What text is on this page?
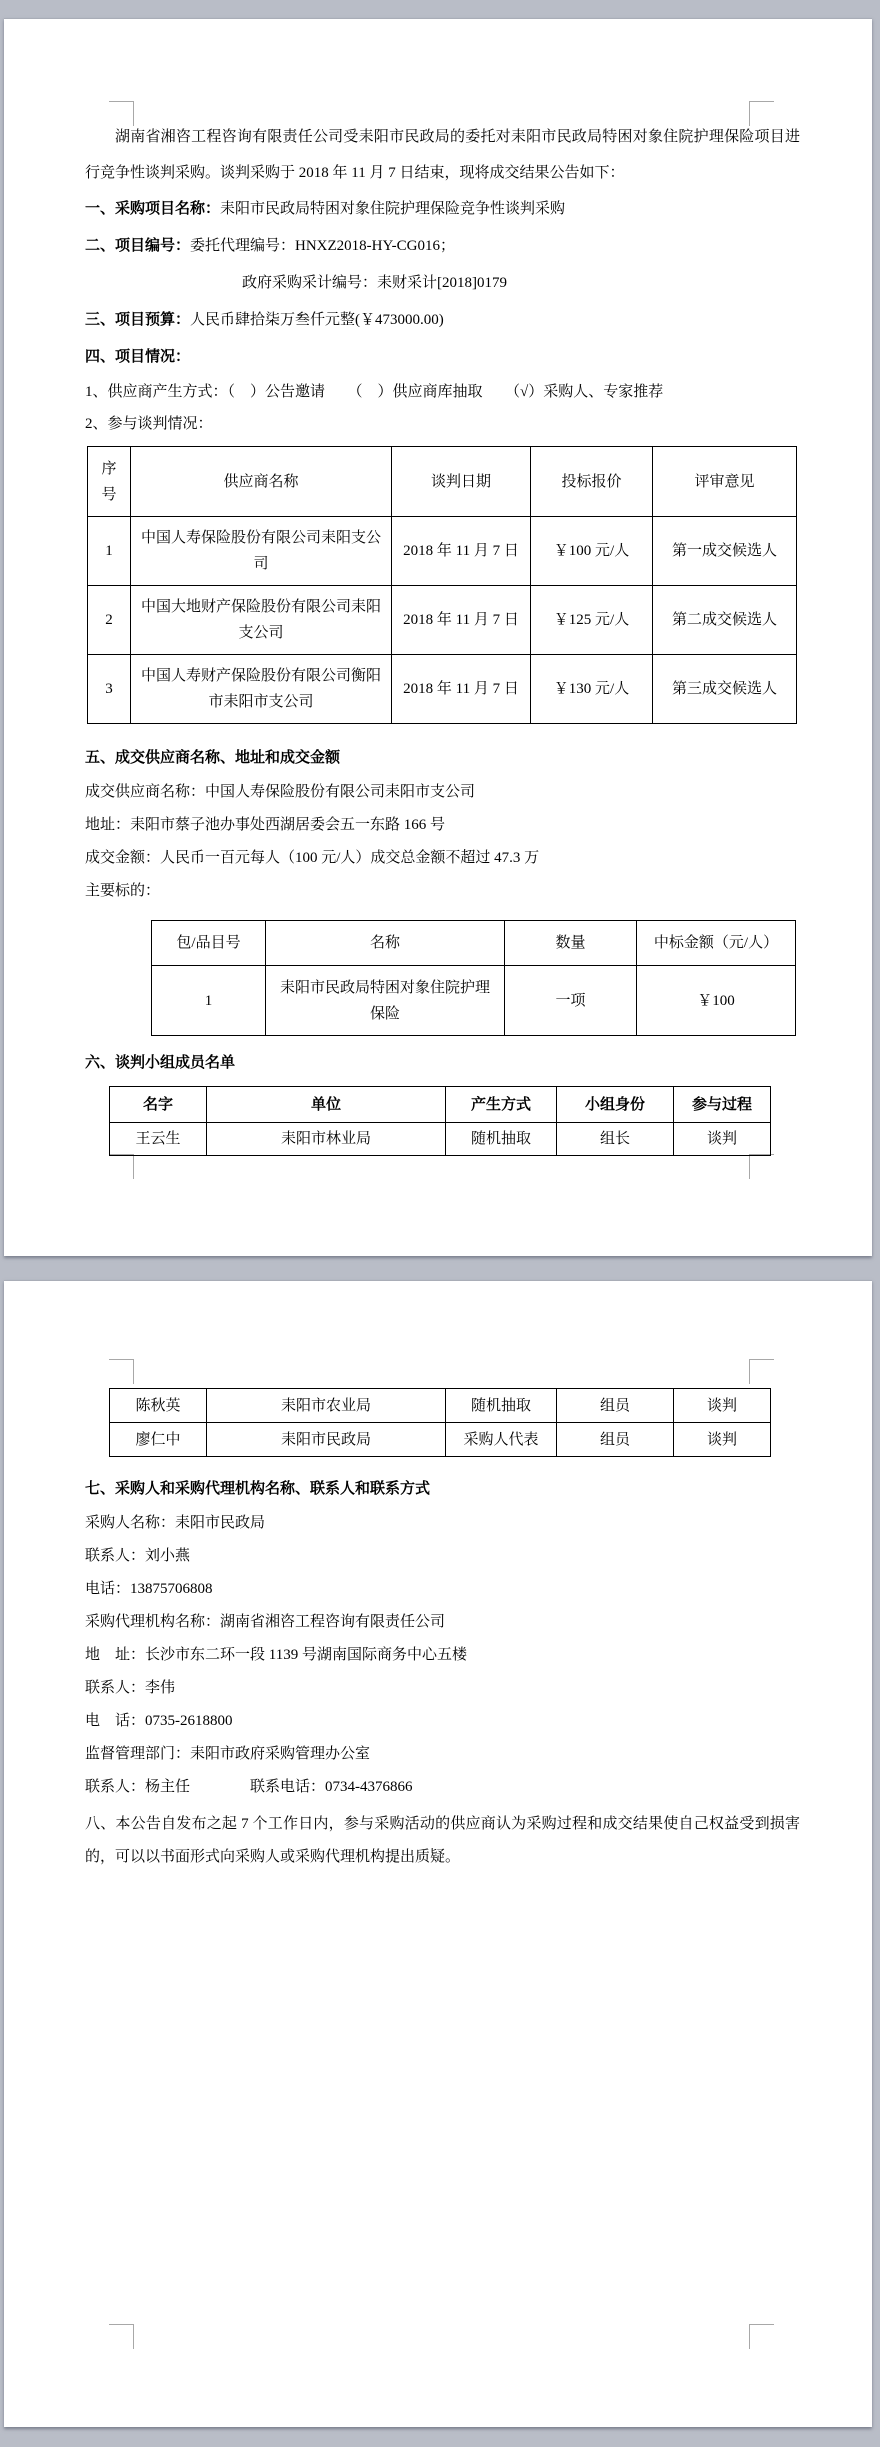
湖南省湘咨工程咨询有限责任公司受耒阳市民政局的委托对耒阳市民政局特困对象住院护理保险项目进行竞争性谈判采购。谈判采购于 2018 年 11 月 7 日结束，现将成交结果公告如下：
一、采购项目名称：耒阳市民政局特困对象住院护理保险竞争性谈判采购
二、项目编号：委托代理编号：HNXZ2018-HY-CG016；
政府采购采计编号：耒财采计[2018]0179
三、项目预算：人民币肆拾柒万叁仟元整(￥473000.00)
四、项目情况：
1、供应商产生方式：（　）公告邀请　　（　）供应商库抽取　　（√）采购人、专家推荐
2、参与谈判情况：
序号	供应商名称	谈判日期	投标报价	评审意见
1	中国人寿保险股份有限公司耒阳支公司	2018 年 11 月 7 日	￥100 元/人	第一成交候选人
2	中国大地财产保险股份有限公司耒阳支公司	2018 年 11 月 7 日	￥125 元/人	第二成交候选人
3	中国人寿财产保险股份有限公司衡阳市耒阳市支公司	2018 年 11 月 7 日	￥130 元/人	第三成交候选人
五、成交供应商名称、地址和成交金额
成交供应商名称：中国人寿保险股份有限公司耒阳市支公司
地址：耒阳市蔡子池办事处西湖居委会五一东路 166 号
成交金额：人民币一百元每人（100 元/人）成交总金额不超过 47.3 万
主要标的：
包/品目号	名称	数量	中标金额（元/人）
1	耒阳市民政局特困对象住院护理保险	一项	￥100
六、谈判小组成员名单
名字	单位	产生方式	小组身份	参与过程
王云生	耒阳市林业局	随机抽取	组长	谈判
陈秋英	耒阳市农业局	随机抽取	组员	谈判
廖仁中	耒阳市民政局	采购人代表	组员	谈判
七、采购人和采购代理机构名称、联系人和联系方式
采购人名称：耒阳市民政局
联系人：刘小燕
电话：13875706808
采购代理机构名称：湖南省湘咨工程咨询有限责任公司
地　址：长沙市东二环一段 1139 号湖南国际商务中心五楼
联系人：李伟
电　话：0735-2618800
监督管理部门：耒阳市政府采购管理办公室
联系人：杨主任　　　　联系电话：0734-4376866
八、本公告自发布之起 7 个工作日内，参与采购活动的供应商认为采购过程和成交结果使自己权益受到损害的，可以以书面形式向采购人或采购代理机构提出质疑。
